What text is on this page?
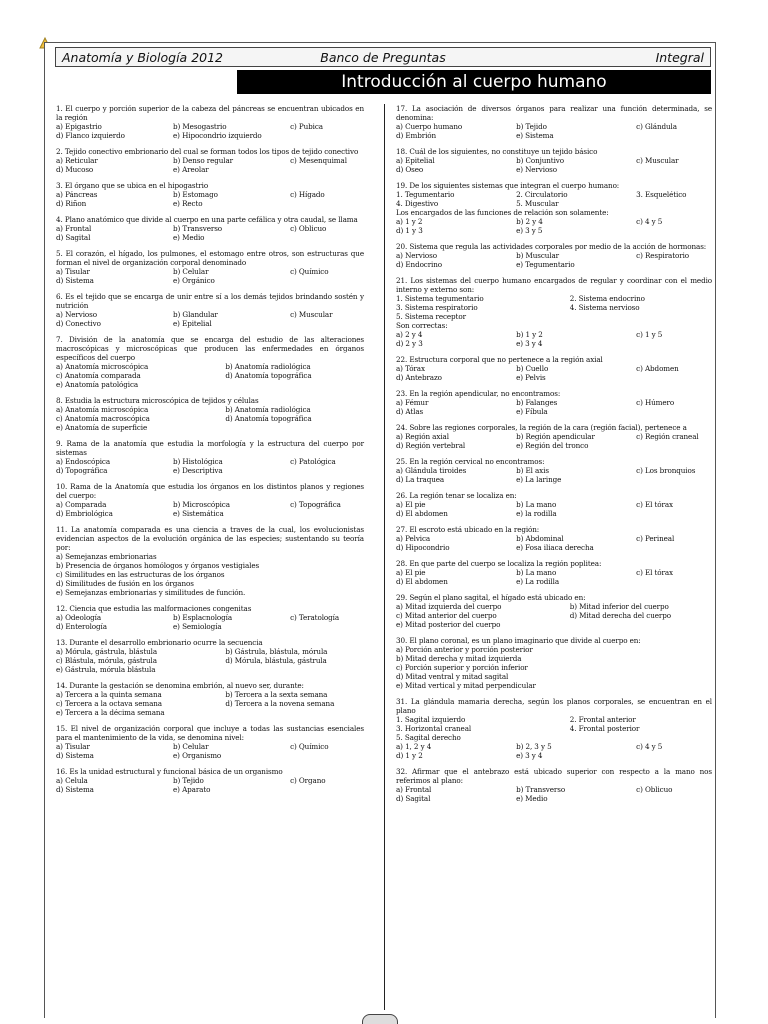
Anatomía y Biología 2012	Banco de Preguntas	Integral
Introducción al cuerpo humano
1. El cuerpo y porción superior de la cabeza del páncreas se encuentran ubicados en la región
a) Epigastrio	b) Mesogastrio	c) Pubica
d) Flanco izquierdo	e) Hipocondrio izquierdo
2. Tejido conectivo embrionario del cual se forman todos los tipos de tejido conectivo
a) Reticular	b) Denso regular	c) Mesenquimal
d) Mucoso	e) Areolar
3. El órgano que se ubica en el hipogastrio
a) Páncreas	b) Estomago	c) Hígado
d) Riñon	e) Recto
4. Plano anatómico que divide al cuerpo en una parte cefálica y otra caudal, se llama
a) Frontal	b) Transverso	c) Oblicuo
d) Sagital	e) Medio
5. El corazón, el hígado, los pulmones, el estomago entre otros, son estructuras que forman el nivel de organización corporal denominado
a) Tisular	b) Celular	c) Químico
d) Sistema	e) Orgánico
6. Es el tejido que se encarga de unir entre sí a los demás tejidos brindando sostén y nutrición
a) Nervioso	b) Glandular	c) Muscular
d) Conectivo	e) Epitelial
7. División de la anatomía que se encarga del estudio de las alteraciones macroscópicas y microscópicas que producen las enfermedades en órganos específicos del cuerpo
a) Anatomía microscópica	b) Anatomía radiológica
c) Anatomía comparada	d) Anatomía topográfica
e) Anatomía patológica
8. Estudia la estructura microscópica de tejidos y células
a) Anatomía microscópica	b) Anatomía radiológica
c) Anatomía macroscópica	d) Anatomía topográfica
e) Anatomía de superficie
9. Rama de la anatomía que estudia la morfología y la estructura del cuerpo por sistemas
a) Endoscópica	b) Histológica	c) Patológica
d) Topográfica	e) Descriptiva
10. Rama de la Anatomía que estudia los órganos en los distintos planos y regiones del cuerpo:
a) Comparada	b) Microscópica	c) Topográfica
d) Embriológica	e) Sistemática
11. La anatomía comparada es una ciencia a traves de la cual, los evolucionistas evidencian aspectos de la evolución orgánica de las especies; sustentando su teoría por:
a) Semejanzas embrionarias
b) Presencia de órganos homólogos y órganos vestigiales
c) Similitudes en las estructuras de los órganos
d) Similitudes de fusión en los órganos
e) Semejanzas embrionarias y similitudes de función.
12. Ciencia que estudia las malformaciones congenitas
a) Odeología	b) Esplacnología	c) Teratología
d) Enterología	e) Semiología
13. Durante el desarrollo embrionario ocurre la secuencia
a) Mórula, gástrula, blástula	b) Gástrula, blástula, mórula
c) Blástula, mórula, gástrula	d) Mórula, blástula, gástrula
e) Gástrula, mórula blástula
14. Durante la gestación se denomina embrión, al nuevo ser, durante:
a) Tercera a la quinta semana	b) Tercera a la sexta semana
c) Tercera a la octava semana	d) Tercera a la novena semana
e) Tercera a la décima semana
15. El nivel de organización corporal que incluye a todas las sustancias esenciales para el mantenimiento de la vida, se denomina nivel:
a) Tisular	b) Celular	c) Químico
d) Sistema	e) Organismo
16. Es la unidad estructural y funcional básica de un organismo
a) Celula	b) Tejido	c) Organo
d) Sistema	e) Aparato
17. La asociación de diversos órganos para realizar una función determinada, se denomina:
a) Cuerpo humano	b) Tejido	c) Glándula
d) Embrión	e) Sistema
18. Cuál de los siguientes, no constituye un tejido básico
a) Epitelial	b) Conjuntivo	c) Muscular
d) Oseo	e) Nervioso
19. De los siguientes sistemas que integran el cuerpo humano:
1. Tegumentario	2. Circulatorio	3. Esquelético
4. Digestivo	5. Muscular
Los encargados de las funciones de relación son solamente:
a) 1 y 2	b) 2 y 4	c) 4 y 5
d) 1 y 3	e) 3 y 5
20. Sistema que regula las actividades corporales por medio de la acción de hormonas:
a) Nervioso	b) Muscular	c) Respiratorio
d) Endocrino	e) Tegumentario
21. Los sistemas del cuerpo humano encargados de regular y coordinar con el medio interno y externo son:
1. Sistema tegumentario	2. Sistema endocrino
3. Sistema respiratorio	4. Sistema nervioso
5. Sistema receptor
Son correctas:
a) 2 y 4	b) 1 y 2	c) 1 y 5
d) 2 y 3	e) 3 y 4
22. Estructura corporal que no pertenece a la región axial
a) Tórax	b) Cuello	c) Abdomen
d) Antebrazo	e) Pelvis
23. En la región apendicular, no encontramos:
a) Fémur	b) Falanges	c) Húmero
d) Atlas	e) Fíbula
24. Sobre las regiones corporales, la región de la cara (región facial), pertenece a
a) Región axial	b) Región apendicular	c) Región craneal
d) Región vertebral	e) Región del tronco
25. En la región cervical no encontramos:
a) Glándula tiroides	b) El axis	c) Los bronquios
d) La traquea	e) La laringe
26. La región tenar se localiza en:
a) El pie	b) La mano	c) El tórax
d) El abdomen	e) la rodilla
27. El escroto está ubicado en la región:
a) Pelvica	b) Abdominal	c) Perineal
d) Hipocondrio	e) Fosa iliaca derecha
28. En que parte del cuerpo se localiza la región poplitea:
a) El pie	b) La mano	c) El tórax
d) El abdomen	e) La rodilla
29. Según el plano sagital, el hígado está ubicado en:
a) Mitad izquierda del cuerpo	b) Mitad inferior del cuerpo
c) Mitad anterior del cuerpo	d) Mitad derecha del cuerpo
e) Mitad posterior del cuerpo
30. El plano coronal, es un plano imaginario que divide al cuerpo en:
a) Porción anterior y porción posterior
b) Mitad derecha y mitad izquierda
c) Porción superior y porción inferior
d) Mitad ventral y mitad sagital
e) Mitad vertical y mitad perpendicular
31. La glándula mamaria derecha, según los planos corporales, se encuentran en el plano
1. Sagital izquierdo	2. Frontal anterior
3. Horizontal craneal	4. Frontal posterior
5. Sagital derecho
a) 1, 2 y 4	b) 2, 3 y 5	c) 4 y 5
d) 1 y 2	e) 3 y 4
32. Afirmar que el antebrazo está ubicado superior con respecto a la mano nos referimos al plano:
a) Frontal	b) Transverso	c) Oblicuo
d) Sagital	e) Medio
